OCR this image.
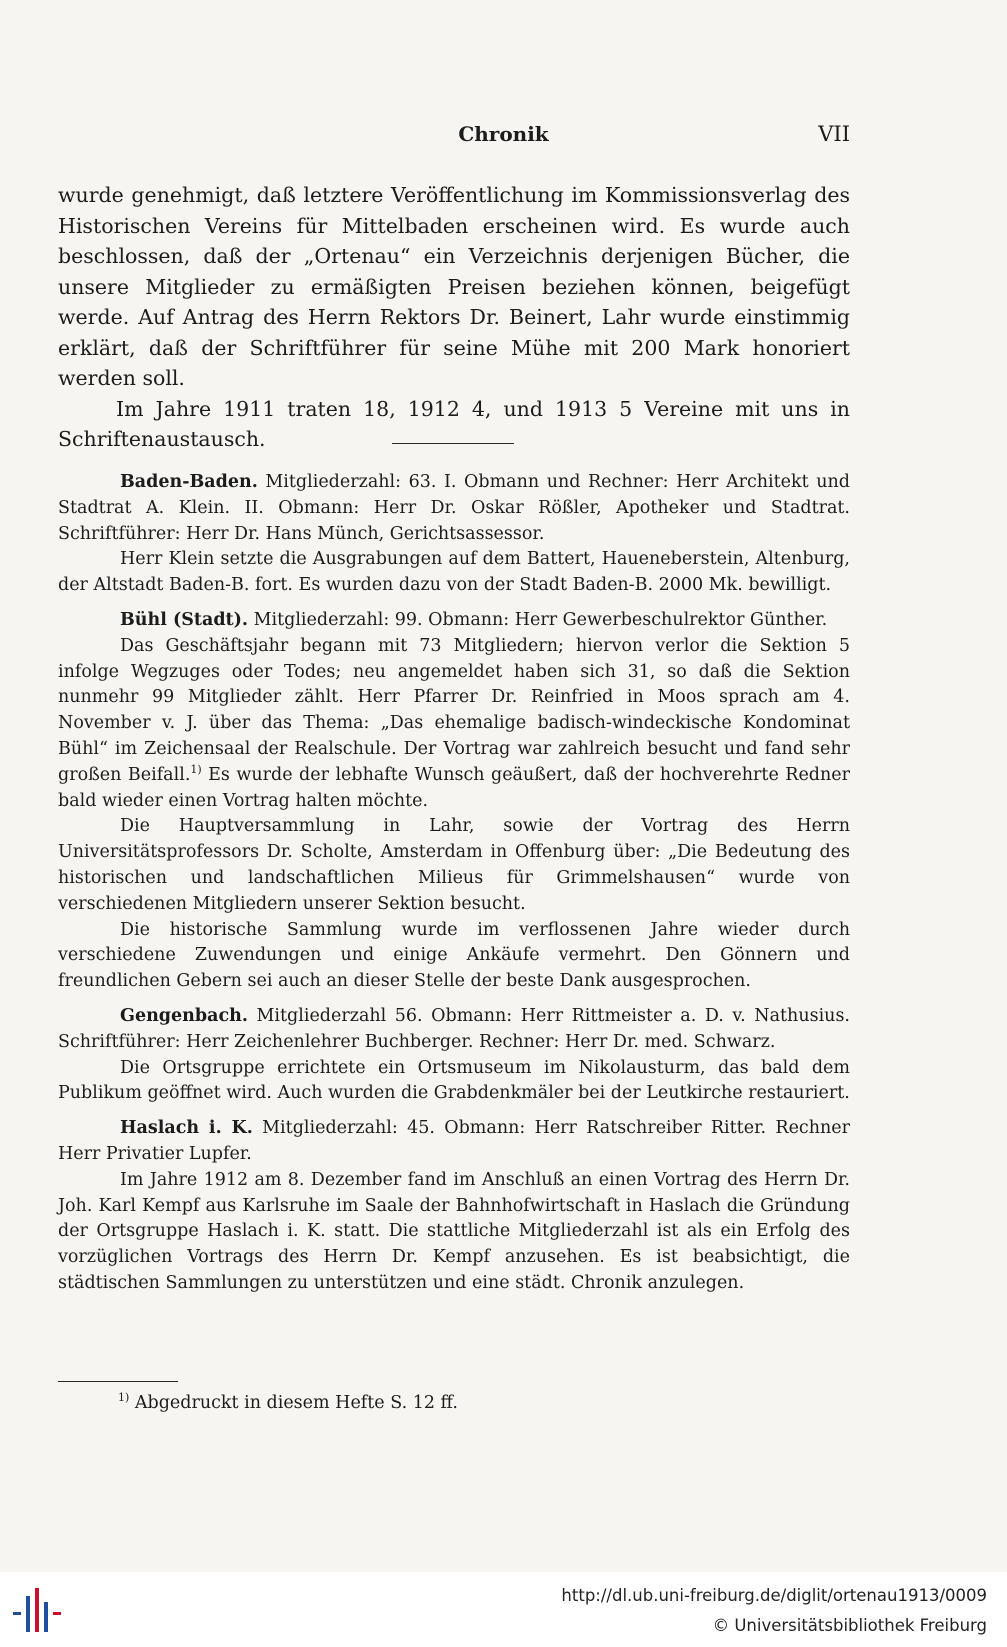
Chronik	VII

wurde genehmigt, daß letztere Veröffentlichung im Kommissionsverlag des Historischen Vereins für Mittelbaden erscheinen wird. Es wurde auch beschlossen, daß der „Ortenau“ ein Verzeichnis derjenigen Bücher, die unsere Mitglieder zu ermäßigten Preisen beziehen können, beigefügt werde. Auf Antrag des Herrn Rektors Dr. Beinert, Lahr wurde einstimmig erklärt, daß der Schriftführer für seine Mühe mit 200 Mark honoriert werden soll.

Im Jahre 1911 traten 18, 1912 4, und 1913 5 Vereine mit uns in Schriftenaustausch.

Baden-Baden. Mitgliederzahl: 63. I. Obmann und Rechner: Herr Architekt und Stadtrat A. Klein. II. Obmann: Herr Dr. Oskar Rößler, Apotheker und Stadtrat. Schriftführer: Herr Dr. Hans Münch, Gerichtsassessor.

Herr Klein setzte die Ausgrabungen auf dem Battert, Haueneberstein, Altenburg, der Altstadt Baden-B. fort. Es wurden dazu von der Stadt Baden-B. 2000 Mk. bewilligt.

Bühl (Stadt). Mitgliederzahl: 99. Obmann: Herr Gewerbeschulrektor Günther.

Das Geschäftsjahr begann mit 73 Mitgliedern; hiervon verlor die Sektion 5 infolge Wegzuges oder Todes; neu angemeldet haben sich 31, so daß die Sektion nunmehr 99 Mitglieder zählt. Herr Pfarrer Dr. Reinfried in Moos sprach am 4. November v. J. über das Thema: „Das ehemalige badisch-windeckische Kondominat Bühl“ im Zeichensaal der Realschule. Der Vortrag war zahlreich besucht und fand sehr großen Beifall.$^{1)}$ Es wurde der lebhafte Wunsch geäußert, daß der hochverehrte Redner bald wieder einen Vortrag halten möchte.

Die Hauptversammlung in Lahr, sowie der Vortrag des Herrn Universitätsprofessors Dr. Scholte, Amsterdam in Offenburg über: „Die Bedeutung des historischen und landschaftlichen Milieus für Grimmelshausen“ wurde von verschiedenen Mitgliedern unserer Sektion besucht.

Die historische Sammlung wurde im verflossenen Jahre wieder durch verschiedene Zuwendungen und einige Ankäufe vermehrt. Den Gönnern und freundlichen Gebern sei auch an dieser Stelle der beste Dank ausgesprochen.

Gengenbach. Mitgliederzahl 56. Obmann: Herr Rittmeister a. D. v. Nathusius. Schriftführer: Herr Zeichenlehrer Buchberger. Rechner: Herr Dr. med. Schwarz.

Die Ortsgruppe errichtete ein Ortsmuseum im Nikolausturm, das bald dem Publikum geöffnet wird. Auch wurden die Grabdenkmäler bei der Leutkirche restauriert.

Haslach i. K. Mitgliederzahl: 45. Obmann: Herr Ratschreiber Ritter. Rechner Herr Privatier Lupfer.

Im Jahre 1912 am 8. Dezember fand im Anschluß an einen Vortrag des Herrn Dr. Joh. Karl Kempf aus Karlsruhe im Saale der Bahnhofwirtschaft in Haslach die Gründung der Ortsgruppe Haslach i. K. statt. Die stattliche Mitgliederzahl ist als ein Erfolg des vorzüglichen Vortrags des Herrn Dr. Kempf anzusehen. Es ist beabsichtigt, die städtischen Sammlungen zu unterstützen und eine städt. Chronik anzulegen.

$^{1)}$ Abgedruckt in diesem Hefte S. 12 ff.
http://dl.ub.uni-freiburg.de/diglit/ortenau1913/0009
© Universitätsbibliothek Freiburg
